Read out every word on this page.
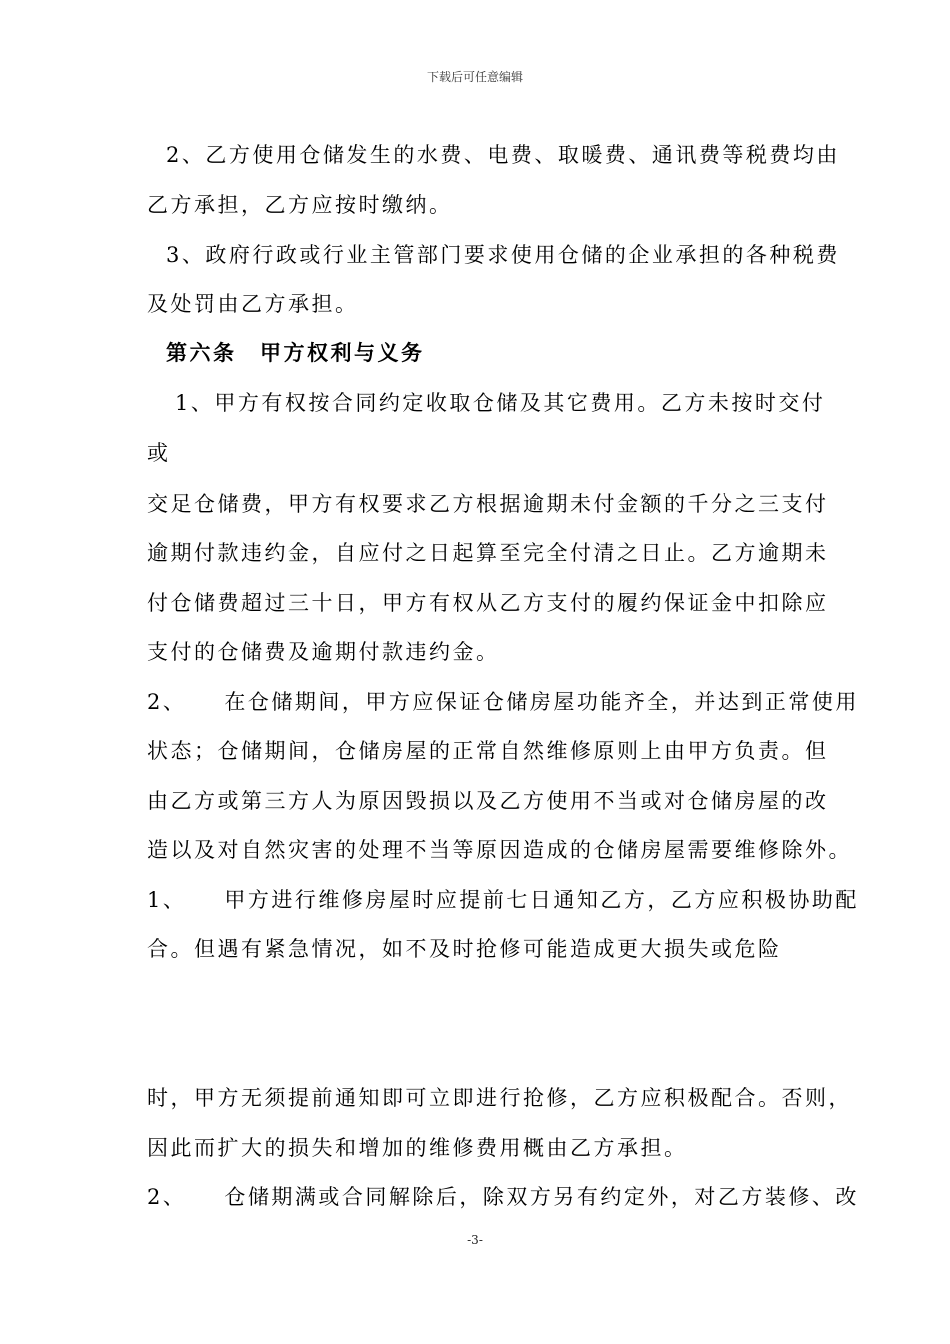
下载后可任意编辑
2、乙方使用仓储发生的水费、电费、取暖费、通讯费等税费均由
乙方承担，乙方应按时缴纳。
3、政府行政或行业主管部门要求使用仓储的企业承担的各种税费
及处罚由乙方承担。
第六条　甲方权利与义务
1、甲方有权按合同约定收取仓储及其它费用。乙方未按时交付
或
交足仓储费，甲方有权要求乙方根据逾期未付金额的千分之三支付
逾期付款违约金，自应付之日起算至完全付清之日止。乙方逾期未
付仓储费超过三十日，甲方有权从乙方支付的履约保证金中扣除应
支付的仓储费及逾期付款违约金。
2、 在仓储期间，甲方应保证仓储房屋功能齐全，并达到正常使用
状态；仓储期间，仓储房屋的正常自然维修原则上由甲方负责。但
由乙方或第三方人为原因毁损以及乙方使用不当或对仓储房屋的改
造以及对自然灾害的处理不当等原因造成的仓储房屋需要维修除外。
1、 甲方进行维修房屋时应提前七日通知乙方，乙方应积极协助配
合。但遇有紧急情况，如不及时抢修可能造成更大损失或危险
时，甲方无须提前通知即可立即进行抢修，乙方应积极配合。否则，
因此而扩大的损失和增加的维修费用概由乙方承担。
2、 仓储期满或合同解除后，除双方另有约定外，对乙方装修、改
-3-
